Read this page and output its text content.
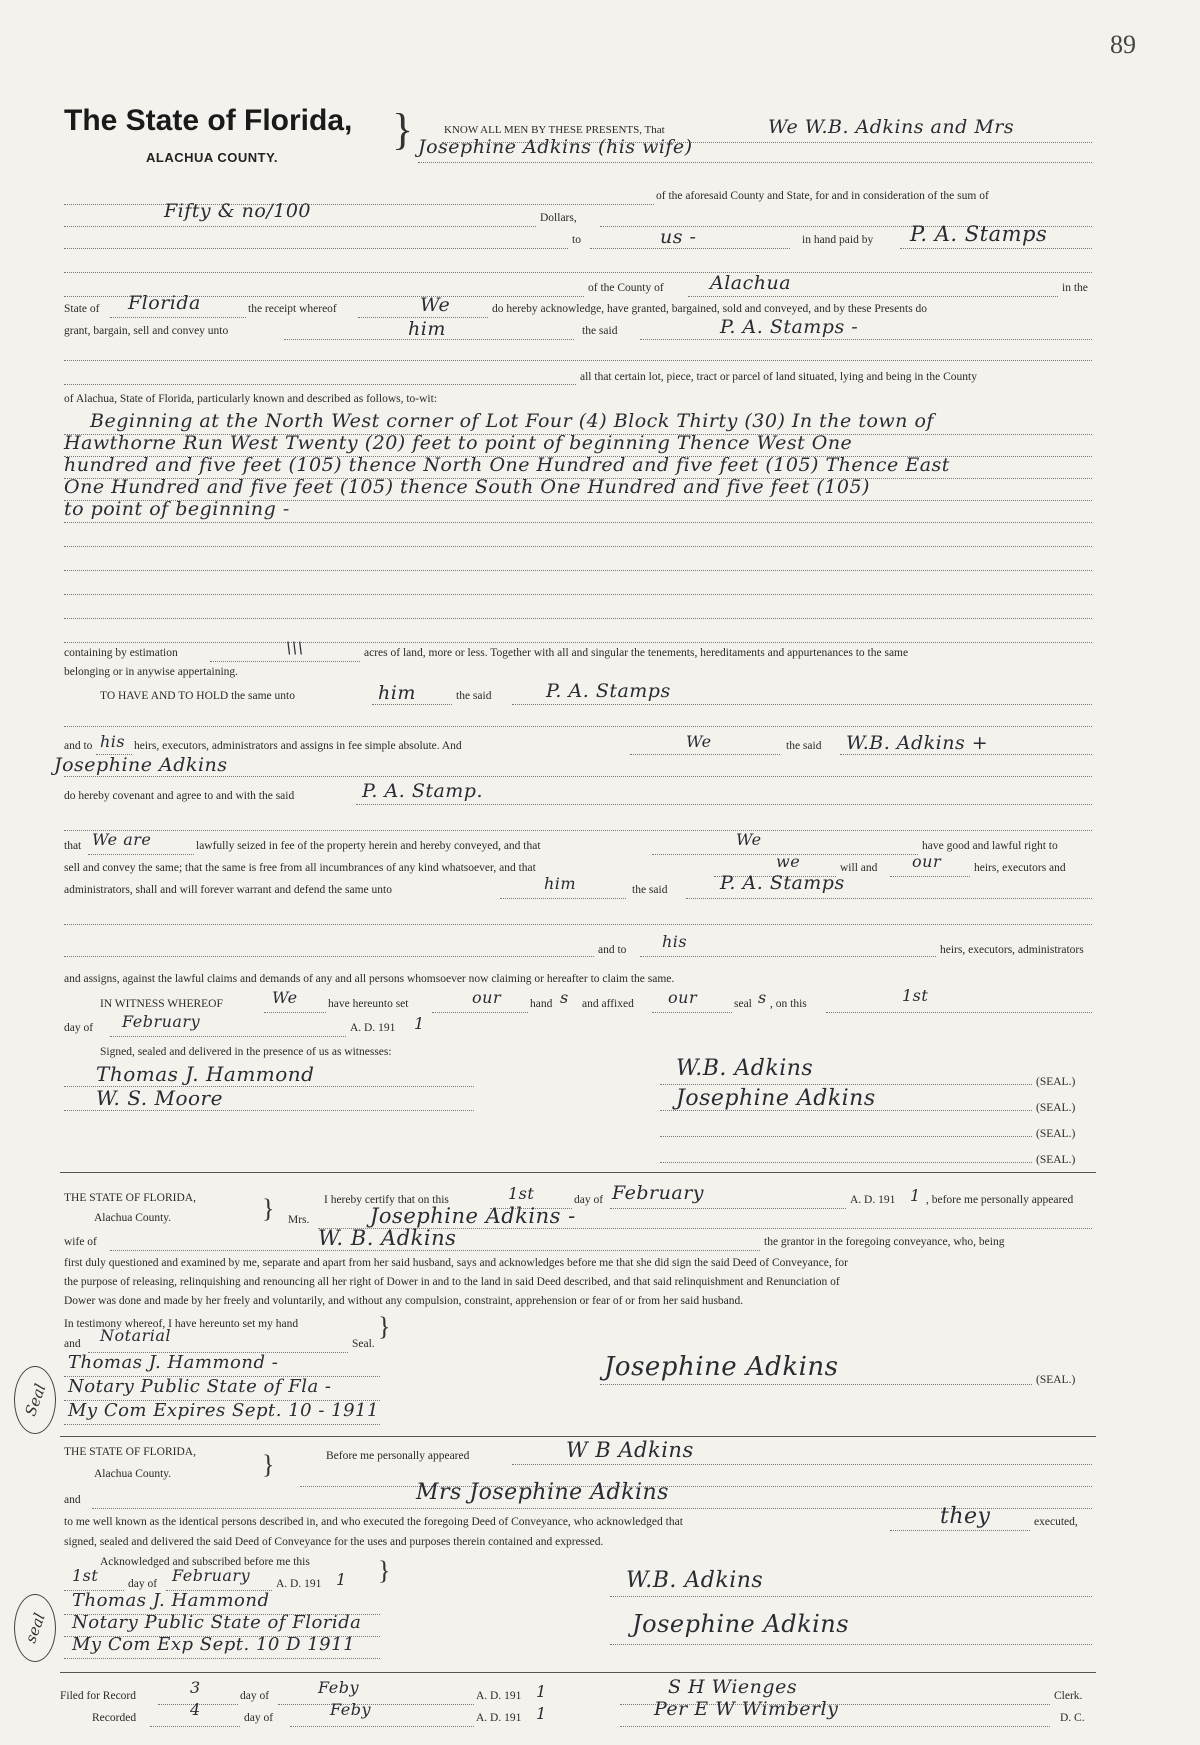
89
The State of Florida,
ALACHUA COUNTY.
}	KNOW ALL MEN BY THESE PRESENTS, That	We W.B. Adkins and Mrs
Josephine Adkins (his wife)
of the aforesaid County and State, for and in consideration of the sum of
Fifty & no/100	Dollars,
to	us -	in hand paid by P. A. Stamps
of the County of Alachua	in the
State of Florida	the receipt whereof	We	do hereby acknowledge, have granted, bargained, sold and conveyed, and by these Presents do
grant, bargain, sell and convey unto	him	the said	P. A. Stamps -
all that certain lot, piece, tract or parcel of land situated, lying and being in the County
of Alachua, State of Florida, particularly known and described as follows, to-wit:
Beginning at the North West corner of Lot Four (4) Block Thirty (30) In the town of
Hawthorne Run West Twenty (20) feet to point of beginning Thence West One
hundred and five feet (105) thence North One Hundred and five feet (105) Thence East
One Hundred and five feet (105) thence South One Hundred and five feet (105)
to point of beginning -
containing by estimation	\\\	acres of land, more or less. Together with all and singular the tenements, hereditaments and appurtenances to the same
belonging or in anywise appertaining.
TO HAVE AND TO HOLD the same unto	him	the said	P. A. Stamps
and to his heirs, executors, administrators and assigns in fee simple absolute. And	We	the said W.B. Adkins +
Josephine Adkins
do hereby covenant and agree to and with the said	P. A. Stamp.
that We are	lawfully seized in fee of the property herein and hereby conveyed, and that	We	have good and lawful right to
sell and convey the same; that the same is free from all incumbrances of any kind whatsoever, and that	we	will and our	heirs, executors and
administrators, shall and will forever warrant and defend the same unto	him	the said	P. A. Stamps
and to his	heirs, executors, administrators
and assigns, against the lawful claims and demands of any and all persons whomsoever now claiming or hereafter to claim the same.
IN WITNESS WHEREOF	We	have hereunto set	our	hand s and affixed our	seal s , on this	1st
day of February	A. D. 191 1
Signed, sealed and delivered in the presence of us as witnesses:
Thomas J. Hammond
W. S. Moore
W.B. Adkins
(SEAL.)
Josephine Adkins	(SEAL.)
(SEAL.)
(SEAL.)
THE STATE OF FLORIDA,
Alachua County.	}	I hereby certify that on this	1st	day of February	A. D. 191 1 , before me personally appeared
Mrs.	Josephine Adkins -
wife of	W. B. Adkins	the grantor in the foregoing conveyance, who, being
first duly questioned and examined by me, separate and apart from her said husband, says and acknowledges before me that she did sign the said Deed of Conveyance, for
the purpose of releasing, relinquishing and renouncing all her right of Dower in and to the land in said Deed described, and that said relinquishment and Renunciation of
Dower was done and made by her freely and voluntarily, and without any compulsion, constraint, apprehension or fear of or from her said husband.
In testimony whereof, I have hereunto set my hand	}
and Notarial	Seal.
Thomas J. Hammond -
Notary Public State of Fla -
My Com Expires Sept. 10 - 1911
Seal
Josephine Adkins	(SEAL.)
THE STATE OF FLORIDA,
Alachua County.	}	Before me personally appeared	W B Adkins
and	Mrs Josephine Adkins
to me well known as the identical persons described in, and who executed the foregoing Deed of Conveyance, who acknowledged that	they	executed,
signed, sealed and delivered the said Deed of Conveyance for the uses and purposes therein contained and expressed.
Acknowledged and subscribed before me this	}
1st	day of February A. D. 191 1
Thomas J. Hammond
Notary Public State of Florida
My Com Exp Sept. 10 D 1911
seal
W.B. Adkins
Josephine Adkins
Filed for Record	3	day of	Feby	A. D. 191 1	S H Wienges	Clerk.
Recorded	4	day of	Feby	A. D. 191 1	Per E W Wimberly	D. C.
